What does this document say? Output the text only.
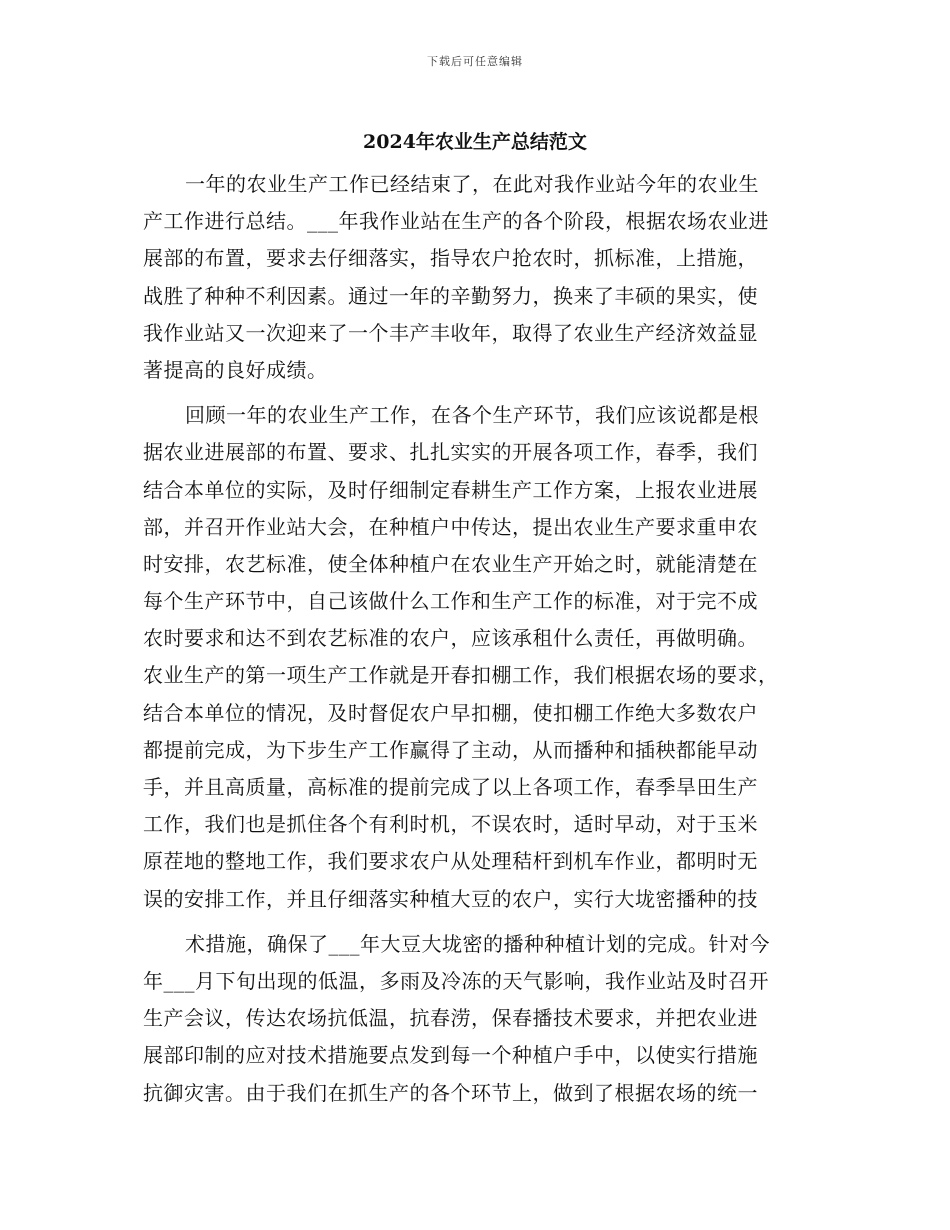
下载后可任意编辑
2024年农业生产总结范文
一年的农业生产工作已经结束了，在此对我作业站今年的农业生
产工作进行总结。___年我作业站在生产的各个阶段，根据农场农业进
展部的布置，要求去仔细落实，指导农户抢农时，抓标准，上措施，
战胜了种种不利因素。通过一年的辛勤努力，换来了丰硕的果实，使
我作业站又一次迎来了一个丰产丰收年，取得了农业生产经济效益显
著提高的良好成绩。
回顾一年的农业生产工作，在各个生产环节，我们应该说都是根
据农业进展部的布置、要求、扎扎实实的开展各项工作，春季，我们
结合本单位的实际，及时仔细制定春耕生产工作方案，上报农业进展
部，并召开作业站大会，在种植户中传达，提出农业生产要求重申农
时安排，农艺标准，使全体种植户在农业生产开始之时，就能清楚在
每个生产环节中，自己该做什么工作和生产工作的标准，对于完不成
农时要求和达不到农艺标准的农户，应该承租什么责任，再做明确。
农业生产的第一项生产工作就是开春扣棚工作，我们根据农场的要求，
结合本单位的情况，及时督促农户早扣棚，使扣棚工作绝大多数农户
都提前完成，为下步生产工作赢得了主动，从而播种和插秧都能早动
手，并且高质量，高标准的提前完成了以上各项工作，春季旱田生产
工作，我们也是抓住各个有利时机，不误农时，适时早动，对于玉米
原茬地的整地工作，我们要求农户从处理秸杆到机车作业，都明时无
误的安排工作，并且仔细落实种植大豆的农户，实行大垅密播种的技
术措施，确保了___年大豆大垅密的播种种植计划的完成。针对今
年___月下旬出现的低温，多雨及冷冻的天气影响，我作业站及时召开
生产会议，传达农场抗低温，抗春涝，保春播技术要求，并把农业进
展部印制的应对技术措施要点发到每一个种植户手中，以使实行措施
抗御灾害。由于我们在抓生产的各个环节上，做到了根据农场的统一
